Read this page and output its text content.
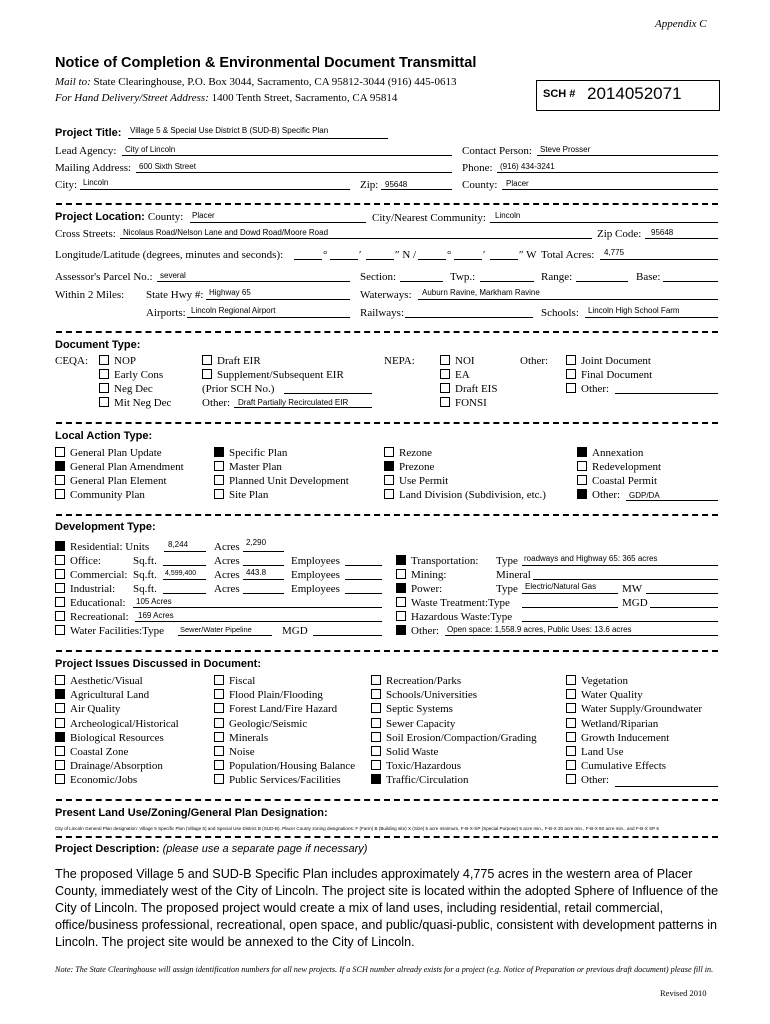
Appendix C
Notice of Completion & Environmental Document Transmittal
Mail to: State Clearinghouse, P.O. Box 3044, Sacramento, CA 95812-3044 (916) 445-0613
For Hand Delivery/Street Address: 1400 Tenth Street, Sacramento, CA 95814	SCH # 2014052071
Project Title: Village 5 & Special Use District B (SUD-B) Specific Plan
Lead Agency: City of Lincoln	Contact Person: Steve Prosser
Mailing Address: 600 Sixth Street	Phone: (916) 434-3241
City: Lincoln	Zip: 95648	County: Placer
Project Location: County: Placer	City/Nearest Community: Lincoln
Cross Streets: Nicolaus Road/Nelson Lane and Dowd Road/Moore Road	Zip Code: 95648
Longitude/Latitude (degrees, minutes and seconds):	°	′	″ N /	°	′	″ W Total Acres: 4,775
Assessor's Parcel No.: several	Section:	Twp.:	Range:	Base:
Within 2 Miles: State Hwy #: Highway 65	Waterways: Auburn Ravine, Markham Ravine
Airports: Lincoln Regional Airport	Railways:	Schools: Lincoln High School Farm
Document Type:
CEQA:	NOP
Early Cons
Neg Dec
Mit Neg Dec
Draft EIR
Supplement/Subsequent EIR
(Prior SCH No.)
Other: Draft Partially Recirculated EIR
NEPA:	NOI
EA
Draft EIS
FONSI
Other:	Joint Document
Final Document
Other:
Local Action Type:
General Plan Update
General Plan Amendment
General Plan Element
Community Plan
Specific Plan
Master Plan
Planned Unit Development
Site Plan
Rezone
Prezone
Use Permit
Land Division (Subdivision, etc.)
Annexation
Redevelopment
Coastal Permit
Other: GDP/DA
Development Type:
Residential: Units 8,244 Acres 2,290
Office:	Sq.ft.	Acres	Employees
Commercial: Sq.ft. 4,599,400 Acres 443.8 Employees
Industrial: Sq.ft.	Acres	Employees
Educational: 105 Acres
Recreational: 169 Acres
Water Facilities:Type Sewer/Water Pipeline	MGD
Transportation: Type roadways and Highway 65: 365 acres
Mining:	Mineral
Power:	Type Electric/Natural Gas MW
Waste Treatment:Type	MGD
Hazardous Waste:Type
Other: Open space: 1,558.9 acres, Public Uses: 13.6 acres
Project Issues Discussed in Document:
Aesthetic/Visual
Agricultural Land
Air Quality
Archeological/Historical
Biological Resources
Coastal Zone
Drainage/Absorption
Economic/Jobs
Fiscal
Flood Plain/Flooding
Forest Land/Fire Hazard
Geologic/Seismic
Minerals
Noise
Population/Housing Balance
Public Services/Facilities
Recreation/Parks
Schools/Universities
Septic Systems
Sewer Capacity
Soil Erosion/Compaction/Grading
Solid Waste
Toxic/Hazardous
Traffic/Circulation
Vegetation
Water Quality
Water Supply/Groundwater
Wetland/Riparian
Growth Inducement
Land Use
Cumulative Effects
Other:
Present Land Use/Zoning/General Plan Designation:
City of Lincoln General Plan designation: Village 5 Specific Plan (Village 5) and Special Use District B (SUD-B). Placer County zoning designations: F (Farm) B (Building site) X (Size) 5 acre minimum, F-B-X-SP (Special Purpose) 5 acre min., F-B-X 20 acre min., F-B-X 80 acre min., and F-B-X SP 6
Project Description: (please use a separate page if necessary)
The proposed Village 5 and SUD-B Specific Plan includes approximately 4,775 acres in the western area of Placer County, immediately west of the City of Lincoln. The project site is located within the adopted Sphere of Influence of the City of Lincoln. The proposed project would create a mix of land uses, including residential, retail commercial, office/business professional, recreational, open space, and public/quasi-public, consistent with development patterns in Lincoln. The project site would be annexed to the City of Lincoln.
Note: The State Clearinghouse will assign identification numbers for all new projects. If a SCH number already exists for a project (e.g. Notice of Preparation or previous draft document) please fill in.
Revised 2010
